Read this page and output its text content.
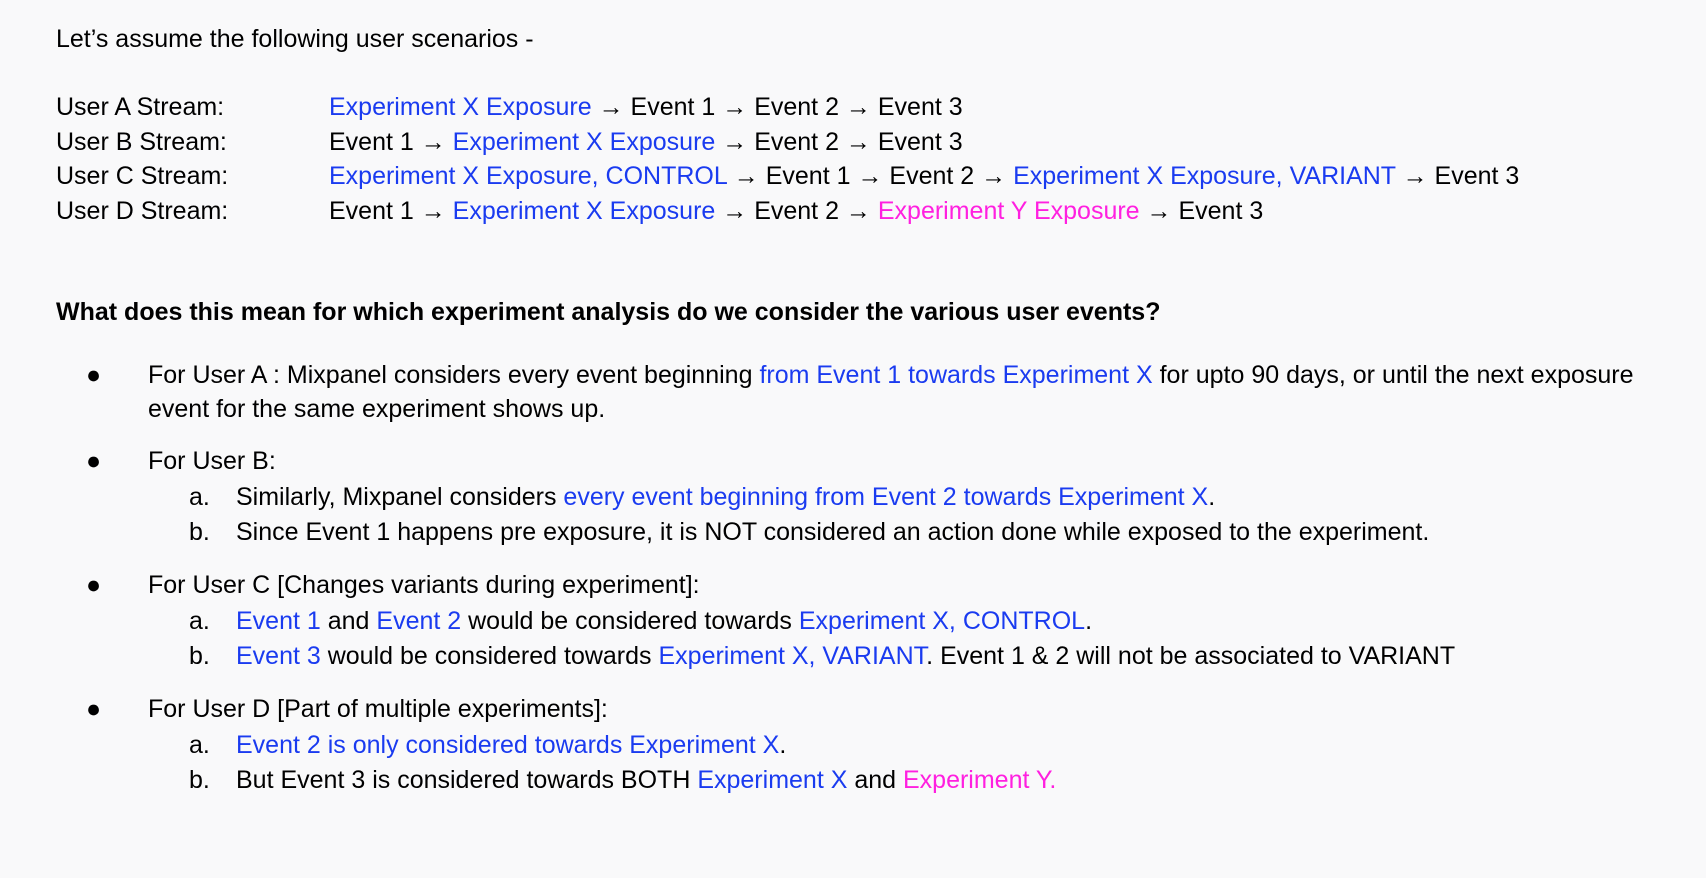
Let’s assume the following user scenarios -
User A Stream:	Experiment X Exposure → Event 1 → Event 2 → Event 3
User B Stream:	Event 1 → Experiment X Exposure → Event 2 → Event 3
User C Stream:	Experiment X Exposure, CONTROL → Event 1 → Event 2 → Experiment X Exposure, VARIANT → Event 3
User D Stream:	Event 1 → Experiment X Exposure → Event 2 → Experiment Y Exposure → Event 3
What does this mean for which experiment analysis do we consider the various user events?
● For User A : Mixpanel considers every event beginning from Event 1 towards Experiment X for upto 90 days, or until the next exposure event for the same experiment shows up.
● For User B:
a. Similarly, Mixpanel considers every event beginning from Event 2 towards Experiment X.
b. Since Event 1 happens pre exposure, it is NOT considered an action done while exposed to the experiment.
● For User C [Changes variants during experiment]:
a. Event 1 and Event 2 would be considered towards Experiment X, CONTROL.
b. Event 3 would be considered towards Experiment X, VARIANT. Event 1 & 2 will not be associated to VARIANT
● For User D [Part of multiple experiments]:
a. Event 2 is only considered towards Experiment X.
b. But Event 3 is considered towards BOTH Experiment X and Experiment Y.
